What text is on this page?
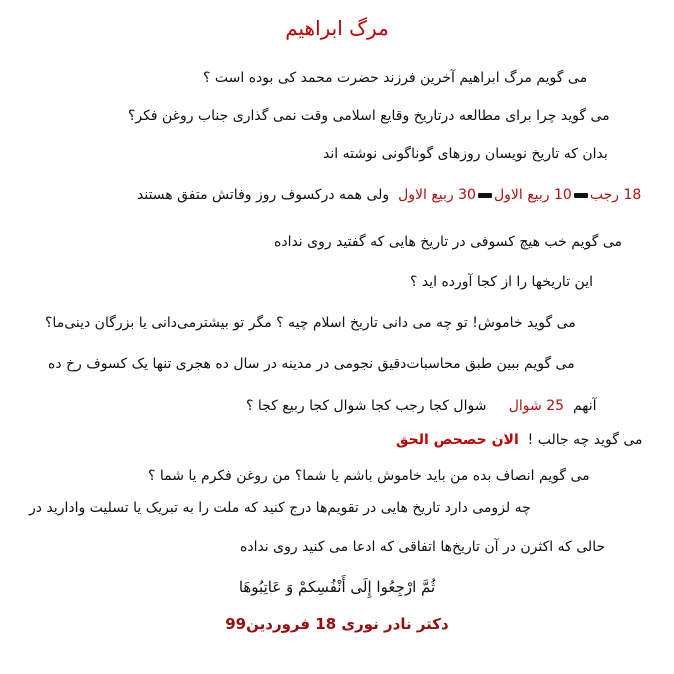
مرگ ابراهیم
می گویم مرگ ابراهیم آخرین فرزند حضرت محمد کی بوده است ؟
می گوید چرا برای مطالعه درتاریخ وقایع اسلامی وقت نمی گذاری جناب روغن فکر؟
بدان که تاریخ نویسان روزهای گوناگونی نوشته اند
18 رجب10 ربیع الاول30 ربیع الاول  ولی همه درکسوف روز وفاتش متفق هستند
می گویم خب هیچ کسوفی در تاریخ هایی که گفتید روی نداده
این تاریخها را از کجا آورده اید ؟
می گوید خاموش! تو چه می دانی تاریخ اسلام چیه ؟ مگر تو بیشترمی‌دانی یا بزرگان دینی‌ما؟
می گویم ببین طبق محاسبات‌دقیق نجومی در مدینه در سال ده هجری تنها یک کسوف رخ ده
آنهم  25 شوال     شوال کجا رجب کجا شوال کجا ربیع کجا ؟
می گوید چه جالب !  الان حصحص الحق
می گویم انصاف بده من باید خاموش باشم یا شما؟ من روغن فکرم یا شما ؟
چه لزومی دارد تاریخ هایی در تقویم‌ها درج کنید که ملت را به تبریک یا تسلیت وادارید در
حالی که اکثرن در آن تاریخ‌ها اتفاقی که ادعا می کنید روی نداده
ثُمَّ ارْجِعُوا إِلَی أَنْفُسِکمْ وَ عَاتِبُوهَا
دکتر نادر نوری 18 فروردین99
